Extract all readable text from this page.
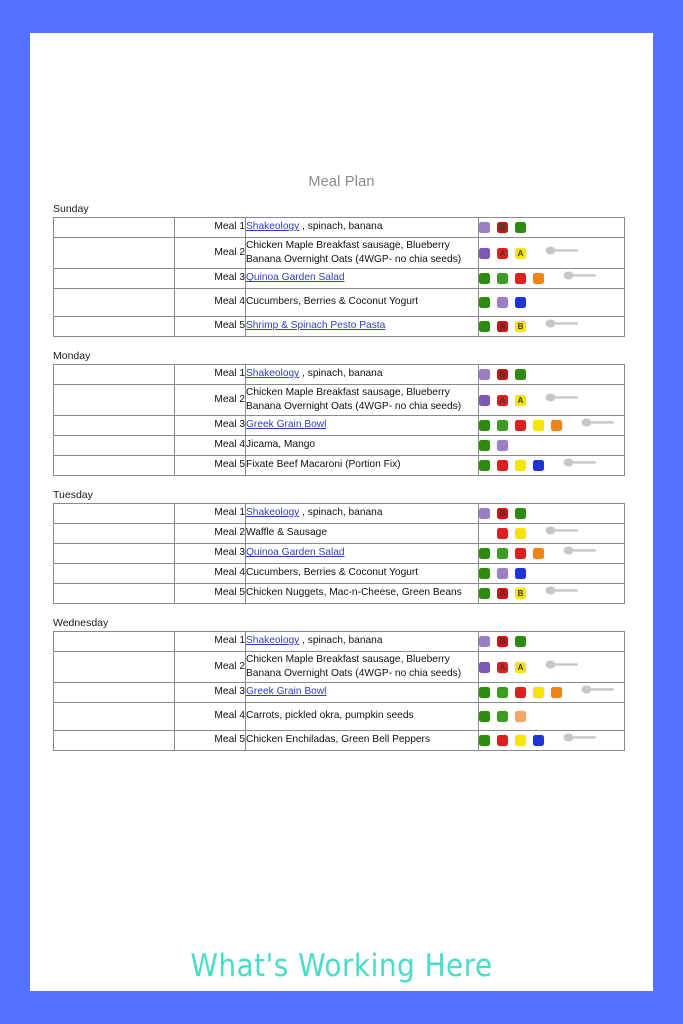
Meal Plan
Sunday
	Meal 1	Shakeology , spinach, banana	B

	Meal 2	Chicken Maple Breakfast sausage, Blueberry Banana Overnight Oats (4WGP- no chia seeds)	A A

	Meal 3	Quinoa Garden Salad	

	Meal 4	Cucumbers, Berries & Coconut Yogurt	

	Meal 5	Shrimp & Spinach Pesto Pasta	A B
Monday
	Meal 1	Shakeology , spinach, banana	B

	Meal 2	Chicken Maple Breakfast sausage, Blueberry Banana Overnight Oats (4WGP- no chia seeds)	A A

	Meal 3	Greek Grain Bowl	

	Meal 4	Jicama, Mango	

	Meal 5	Fixate Beef Macaroni (Portion Fix)	
Tuesday
	Meal 1	Shakeology , spinach, banana	B

	Meal 2	Waffle & Sausage	

	Meal 3	Quinoa Garden Salad	

	Meal 4	Cucumbers, Berries & Coconut Yogurt	

	Meal 5	Chicken Nuggets, Mac-n-Cheese, Green Beans	A B
Wednesday
	Meal 1	Shakeology , spinach, banana	B

	Meal 2	Chicken Maple Breakfast sausage, Blueberry Banana Overnight Oats (4WGP- no chia seeds)	A A

	Meal 3	Greek Grain Bowl	

	Meal 4	Carrots, pickled okra, pumpkin seeds	

	Meal 5	Chicken Enchiladas, Green Bell Peppers	
What's Working Here
